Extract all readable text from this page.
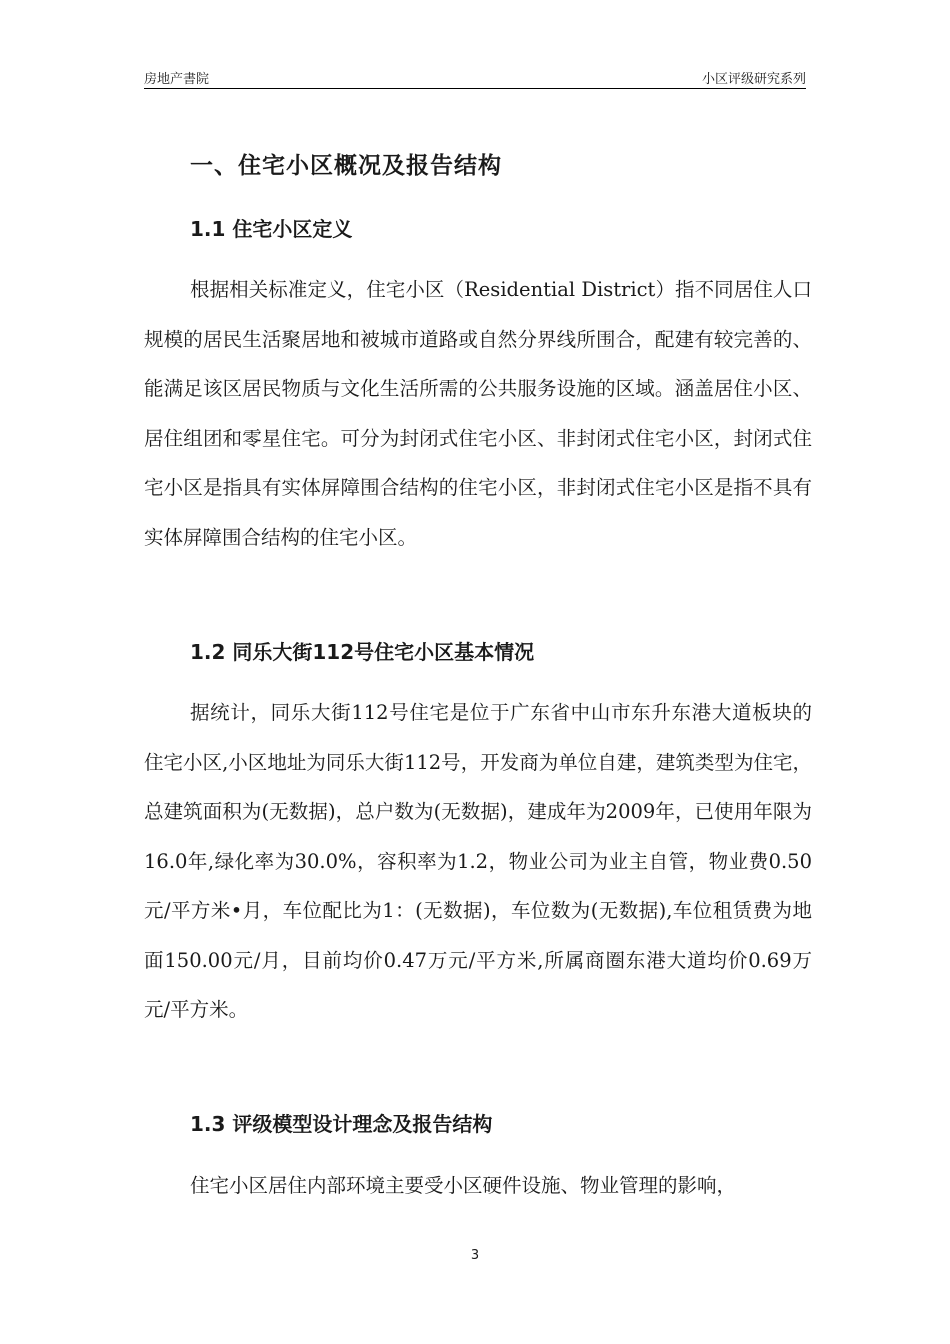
房地产書院	小区评级研究系列
一、住宅小区概况及报告结构
1.1 住宅小区定义

根据相关标准定义，住宅小区（Residential District）指不同居住人口规模的居民生活聚居地和被城市道路或自然分界线所围合，配建有较完善的、能满足该区居民物质与文化生活所需的公共服务设施的区域。涵盖居住小区、居住组团和零星住宅。可分为封闭式住宅小区、非封闭式住宅小区，封闭式住宅小区是指具有实体屏障围合结构的住宅小区，非封闭式住宅小区是指不具有实体屏障围合结构的住宅小区。

1.2 同乐大街112号住宅小区基本情况

据统计，同乐大街112号住宅是位于广东省中山市东升东港大道板块的住宅小区,小区地址为同乐大街112号，开发商为单位自建，建筑类型为住宅，总建筑面积为(无数据)，总户数为(无数据)，建成年为2009年，已使用年限为16.0年,绿化率为30.0%，容积率为1.2，物业公司为业主自管，物业费0.50元/平方米•月，车位配比为1：(无数据)，车位数为(无数据),车位租赁费为地面150.00元/月，目前均价0.47万元/平方米,所属商圈东港大道均价0.69万元/平方米。

1.3 评级模型设计理念及报告结构

住宅小区居住内部环境主要受小区硬件设施、物业管理的影响，

3
